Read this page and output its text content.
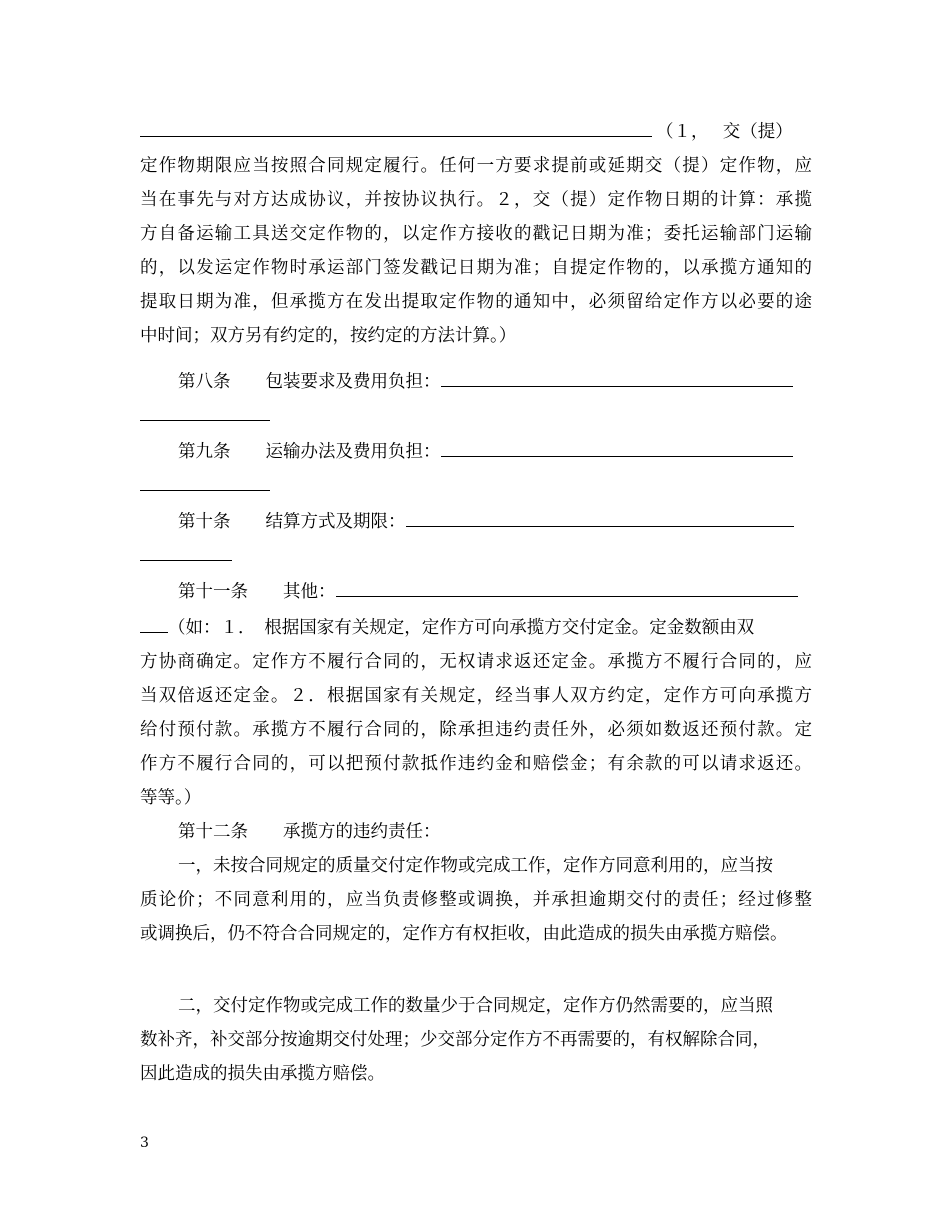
（１，　 交（提）
定作物期限应当按照合同规定履行。任何一方要求提前或延期交（提）定作物，应
当在事先与对方达成协议，并按协议执行。２，交（提）定作物日期的计算：承揽
方自备运输工具送交定作物的，以定作方接收的戳记日期为准；委托运输部门运输
的，以发运定作物时承运部门签发戳记日期为准；自提定作物的，以承揽方通知的
提取日期为准，但承揽方在发出提取定作物的通知中，必须留给定作方以必要的途
中时间；双方另有约定的，按约定的方法计算。）
第八条　　包装要求及费用负担：
第九条　　运输办法及费用负担：
第十条　　结算方式及期限：
第十一条　　其他：
（如：１．　根据国家有关规定，定作方可向承揽方交付定金。定金数额由双
方协商确定。定作方不履行合同的，无权请求返还定金。承揽方不履行合同的，应
当双倍返还定金。２．根据国家有关规定，经当事人双方约定，定作方可向承揽方
给付预付款。承揽方不履行合同的，除承担违约责任外，必须如数返还预付款。定
作方不履行合同的，可以把预付款抵作违约金和赔偿金；有余款的可以请求返还。
等等。）
第十二条　　承揽方的违约责任：
一，未按合同规定的质量交付定作物或完成工作，定作方同意利用的，应当按
质论价；不同意利用的，应当负责修整或调换，并承担逾期交付的责任；经过修整
或调换后，仍不符合合同规定的，定作方有权拒收，由此造成的损失由承揽方赔偿。
二，交付定作物或完成工作的数量少于合同规定，定作方仍然需要的，应当照
数补齐，补交部分按逾期交付处理；少交部分定作方不再需要的，有权解除合同，
因此造成的损失由承揽方赔偿。
3
